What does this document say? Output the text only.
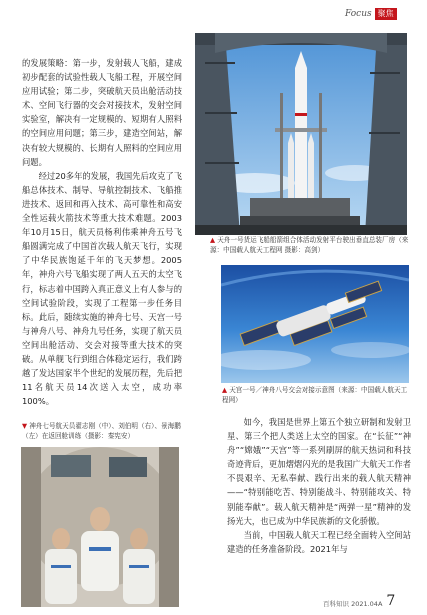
Focus 聚焦

的发展策略：第一步，发射载人飞船，建成初步配套的试验性载人飞船工程，开展空间应用试验；第二步，突破航天员出舱活动技术、空间飞行器的交会对接技术，发射空间实验室，解决有一定规模的、短期有人照料的空间应用问题；第三步，建造空间站，解决有较大规模的、长期有人照料的空间应用问题。

经过20多年的发展，我国先后攻克了飞船总体技术、制导、导航控制技术、飞船推进技术、返回和再入技术、高可靠性和高安全性运载火箭技术等重大技术难题。2003年10月15日，航天员杨利伟乘神舟五号飞船圆满完成了中国首次载人航天飞行，实现了中华民族饱延千年的飞天梦想。2005年，神舟六号飞船实现了两人五天的太空飞行，标志着中国跨入真正意义上有人参与的空间试验阶段，实现了工程第一步任务目标。此后，随续实施的神舟七号、天宫一号与神舟八号、神舟九号任务，实现了航天员空间出舱活动、交会对接等重大技术的突破。从单舰飞行到组合体稳定运行，我们跨越了发达国家半个世纪的发展历程，先后把11名航天员14次送入太空，成功率100%。

▲ 天舟一号货运飞船船箭组合体活动发射平台驶出垂直总装厂房（来源：中国载人航天工程网 摄影：高剑）
▲ 天宫一号／神舟八号交会对接示意图（来源：中国载人航天工程网）
▼ 神舟七号航天员翟志刚（中）、刘伯明（右）、景海鹏（左）在返回舱训练（摄影：秦宪安）

如今，我国是世界上第五个独立研制和发射卫星、第三个把人类送上太空的国家。在“长征”“神舟”“嫦娥”“天宫”等一系列刷屏的航天热词和科技奇迹背后，更加熠熠闪光的是我国广大航天工作者不畏艰辛、无私奉献、践行出来的载人航天精神——“特别能吃苦、特别能战斗、特别能攻关、特别能奉献”。载人航天精神是“两弹一星”精神的发扬光大，也已成为中华民族新的文化骄傲。

当前，中国载人航天工程已经全面转入空间站建造的任务准备阶段。2021年与

百科知识 2021.04A 7
